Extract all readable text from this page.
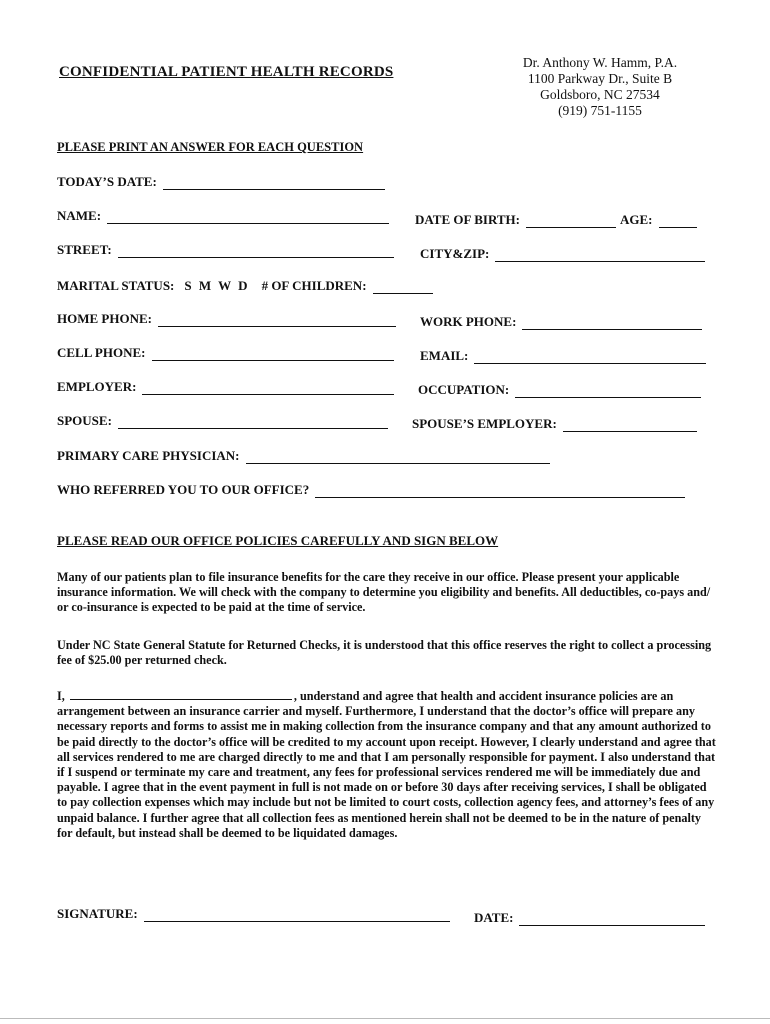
CONFIDENTIAL PATIENT HEALTH RECORDS
Dr. Anthony W. Hamm, P.A.
1100 Parkway Dr., Suite B
Goldsboro, NC 27534
(919) 751-1155
PLEASE PRINT AN ANSWER FOR EACH QUESTION
TODAY’S DATE:
NAME:	DATE OF BIRTH:	AGE:
STREET:	CITY&ZIP:
MARITAL STATUS: S M W D # OF CHILDREN:
HOME PHONE:	WORK PHONE:
CELL PHONE:	EMAIL:
EMPLOYER:	OCCUPATION:
SPOUSE:	SPOUSE’S EMPLOYER:
PRIMARY CARE PHYSICIAN:
WHO REFERRED YOU TO OUR OFFICE?
PLEASE READ OUR OFFICE POLICIES CAREFULLY AND SIGN BELOW
Many of our patients plan to file insurance benefits for the care they receive in our office. Please present your applicable insurance information. We will check with the company to determine you eligibility and benefits. All deductibles, co-pays and/ or co-insurance is expected to be paid at the time of service.
Under NC State General Statute for Returned Checks, it is understood that this office reserves the right to collect a processing fee of $25.00 per returned check.
I,	, understand and agree that health and accident insurance policies are an arrangement between an insurance carrier and myself. Furthermore, I understand that the doctor’s office will prepare any necessary reports and forms to assist me in making collection from the insurance company and that any amount authorized to be paid directly to the doctor’s office will be credited to my account upon receipt. However, I clearly understand and agree that all services rendered to me are charged directly to me and that I am personally responsible for payment. I also understand that if I suspend or terminate my care and treatment, any fees for professional services rendered me will be immediately due and payable. I agree that in the event payment in full is not made on or before 30 days after receiving services, I shall be obligated to pay collection expenses which may include but not be limited to court costs, collection agency fees, and attorney’s fees of any unpaid balance. I further agree that all collection fees as mentioned herein shall not be deemed to be in the nature of penalty for default, but instead shall be deemed to be liquidated damages.
SIGNATURE:	DATE:
